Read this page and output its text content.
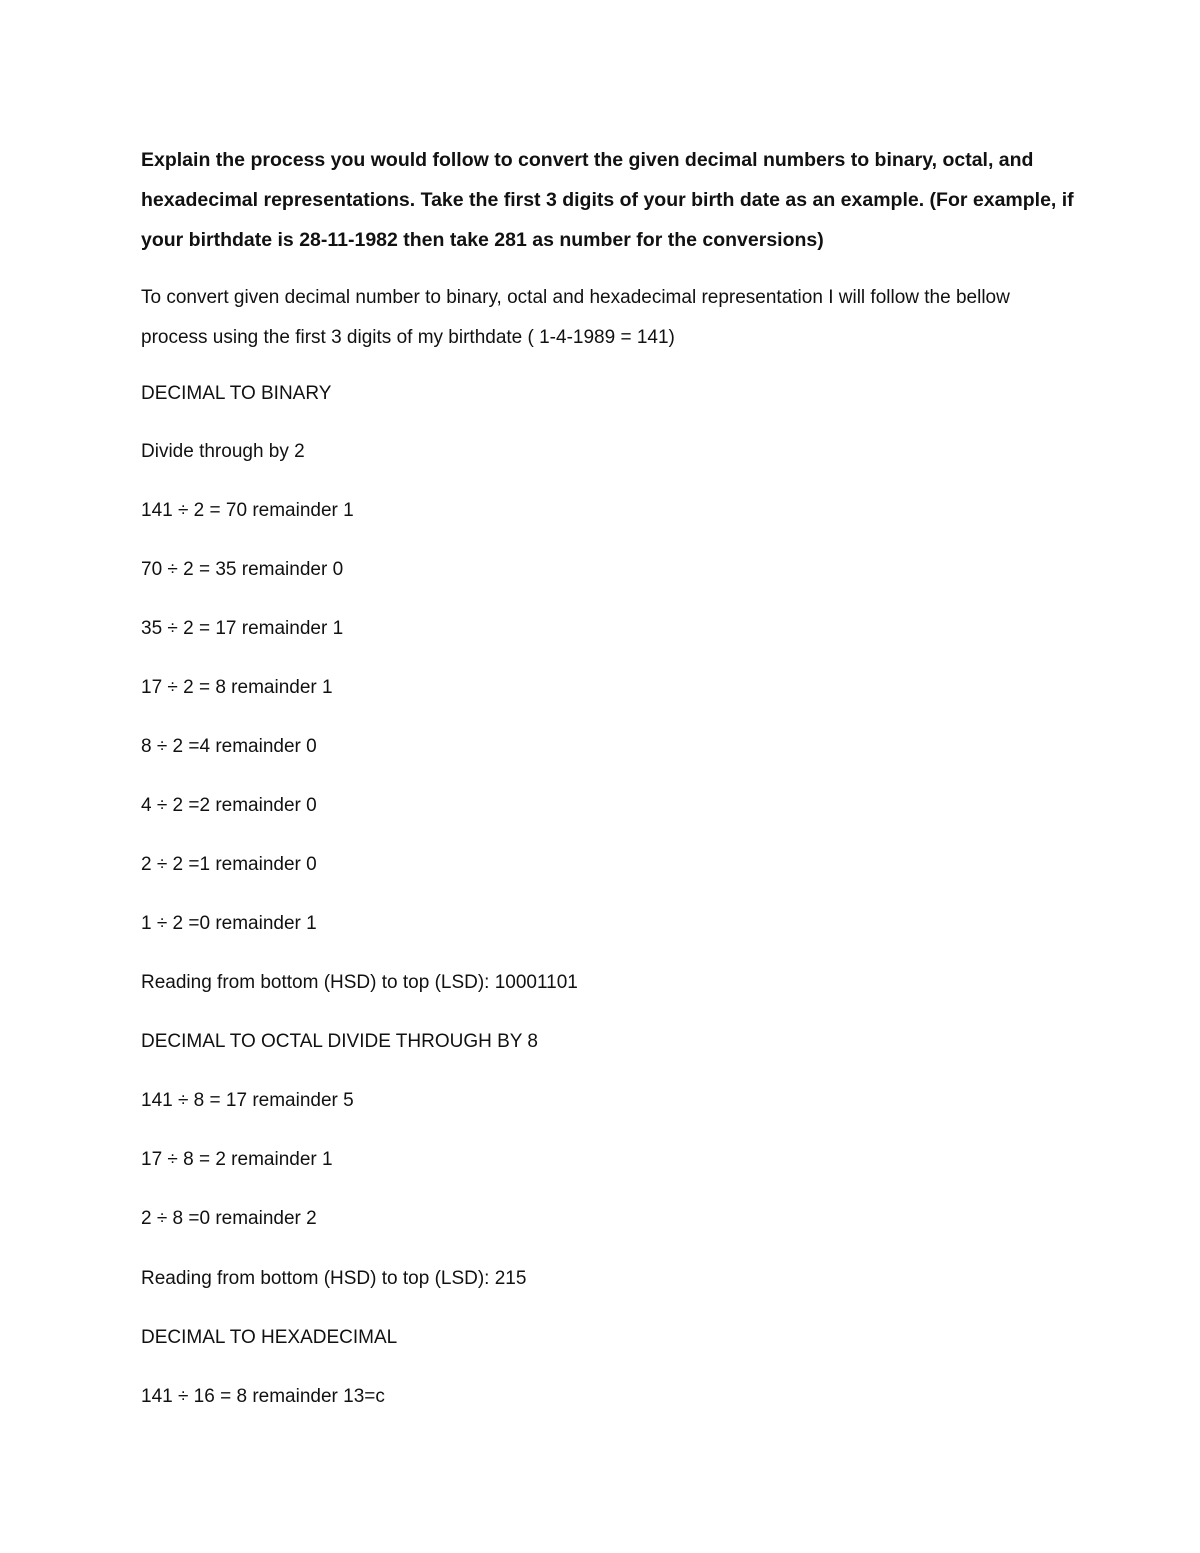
Explain the process you would follow to convert the given decimal numbers to binary, octal, and hexadecimal representations. Take the first 3 digits of your birth date as an example. (For example, if your birthdate is 28-11-1982 then take 281 as number for the conversions)

To convert given decimal number to binary, octal and hexadecimal representation I will follow the bellow process using the first 3 digits of my birthdate ( 1-4-1989 = 141)

DECIMAL TO BINARY

Divide through by 2

141 ÷ 2 = 70 remainder 1

70 ÷ 2 = 35 remainder 0

35 ÷ 2 = 17 remainder 1

17 ÷ 2 = 8 remainder 1

8 ÷ 2 =4 remainder 0

4 ÷ 2 =2 remainder 0

2 ÷ 2 =1 remainder 0

1 ÷ 2 =0 remainder 1

Reading from bottom (HSD) to top (LSD): 10001101

DECIMAL TO OCTAL DIVIDE THROUGH BY 8

141 ÷ 8 = 17 remainder 5

17 ÷ 8 = 2 remainder 1

2 ÷ 8 =0 remainder 2

Reading from bottom (HSD) to top (LSD): 215

DECIMAL TO HEXADECIMAL

141 ÷ 16 = 8 remainder 13=c
